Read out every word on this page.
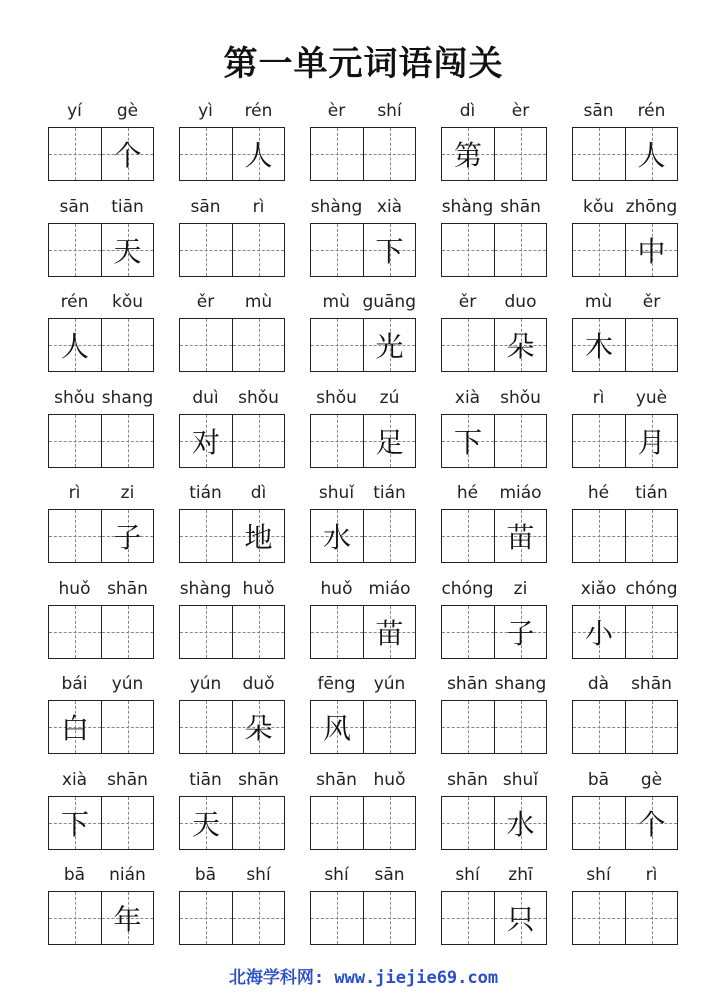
第一单元词语闯关
yí	gè
个
yì	rén
人
èr	shí	dì	èr
第
sān	rén
人
sān	tiān
天
sān	rì	shàng xià
下
shàng shān	kǒu zhōng
中
rén	kǒu
人
ěr	mù	mù guāng
光
ěr	duo
朵
mù	ěr
木
shǒu shang	duì	shǒu
对
shǒu	zú
足
xià	shǒu
下
rì	yuè
月
rì	zi
子
tián	dì
地
shuǐ	tián
水
hé	miáo
苗
hé	tián
huǒ shān	shàng huǒ	huǒ miáo
苗
chóng	zi
子
xiǎo chóng
小
bái	yún
白
yún	duǒ
朵
fēng	yún
风
shān shang	dà	shān
xià	shān
下
tiān shān
天
shān huǒ	shān shuǐ
水
bā	gè
个
bā	nián
年
bā	shí	shí	sān	shí	zhī
只
shí	rì
北海学科网: www.jiejie69.com
